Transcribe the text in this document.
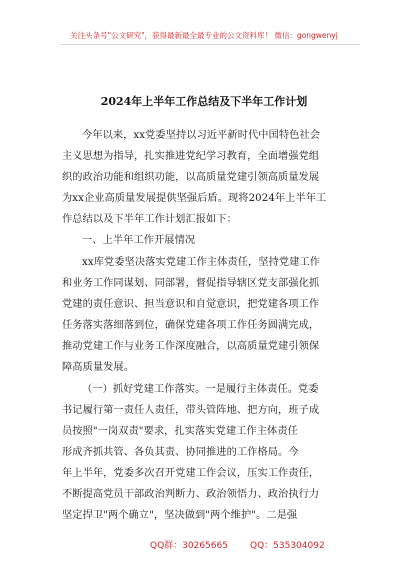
关注头条号"公文研究"，获得最新最全最专业的公文资料库！ 微信：gongwenyj
2024年上半年工作总结及下半年工作计划
今年以来，xx党委坚持以习近平新时代中国特色社会
主义思想为指导，扎实推进党纪学习教育，全面增强党组
织的政治功能和组织功能，以高质量党建引领高质量发展
为xx企业高质量发展提供坚强后盾。现将2024年上半年工
作总结以及下半年工作计划汇报如下：
一、上半年工作开展情况
xx库党委坚决落实党建工作主体责任，坚持党建工作
和业务工作同谋划、同部署，督促指导辖区党支部强化抓
党建的责任意识、担当意识和自觉意识，把党建各项工作
任务落实落细落到位，确保党建各项工作任务圆满完成，
推动党建工作与业务工作深度融合，以高质量党建引领保
障高质量发展。
（一）抓好党建工作落实。一是履行主体责任。党委
书记履行第一责任人责任，带头管阵地、把方向，班子成
员按照"一岗双责"要求，扎实落实党建工作主体责任
形成齐抓共管、各负其责、协同推进的工作格局。今
年上半年，党委多次召开党建工作会议，压实工作责任，
不断提高党员干部政治判断力、政治领悟力、政治执行力
坚定捍卫"两个确立"，坚决做到"两个维护"。二是强
QQ群：30265665 QQ：535304092
